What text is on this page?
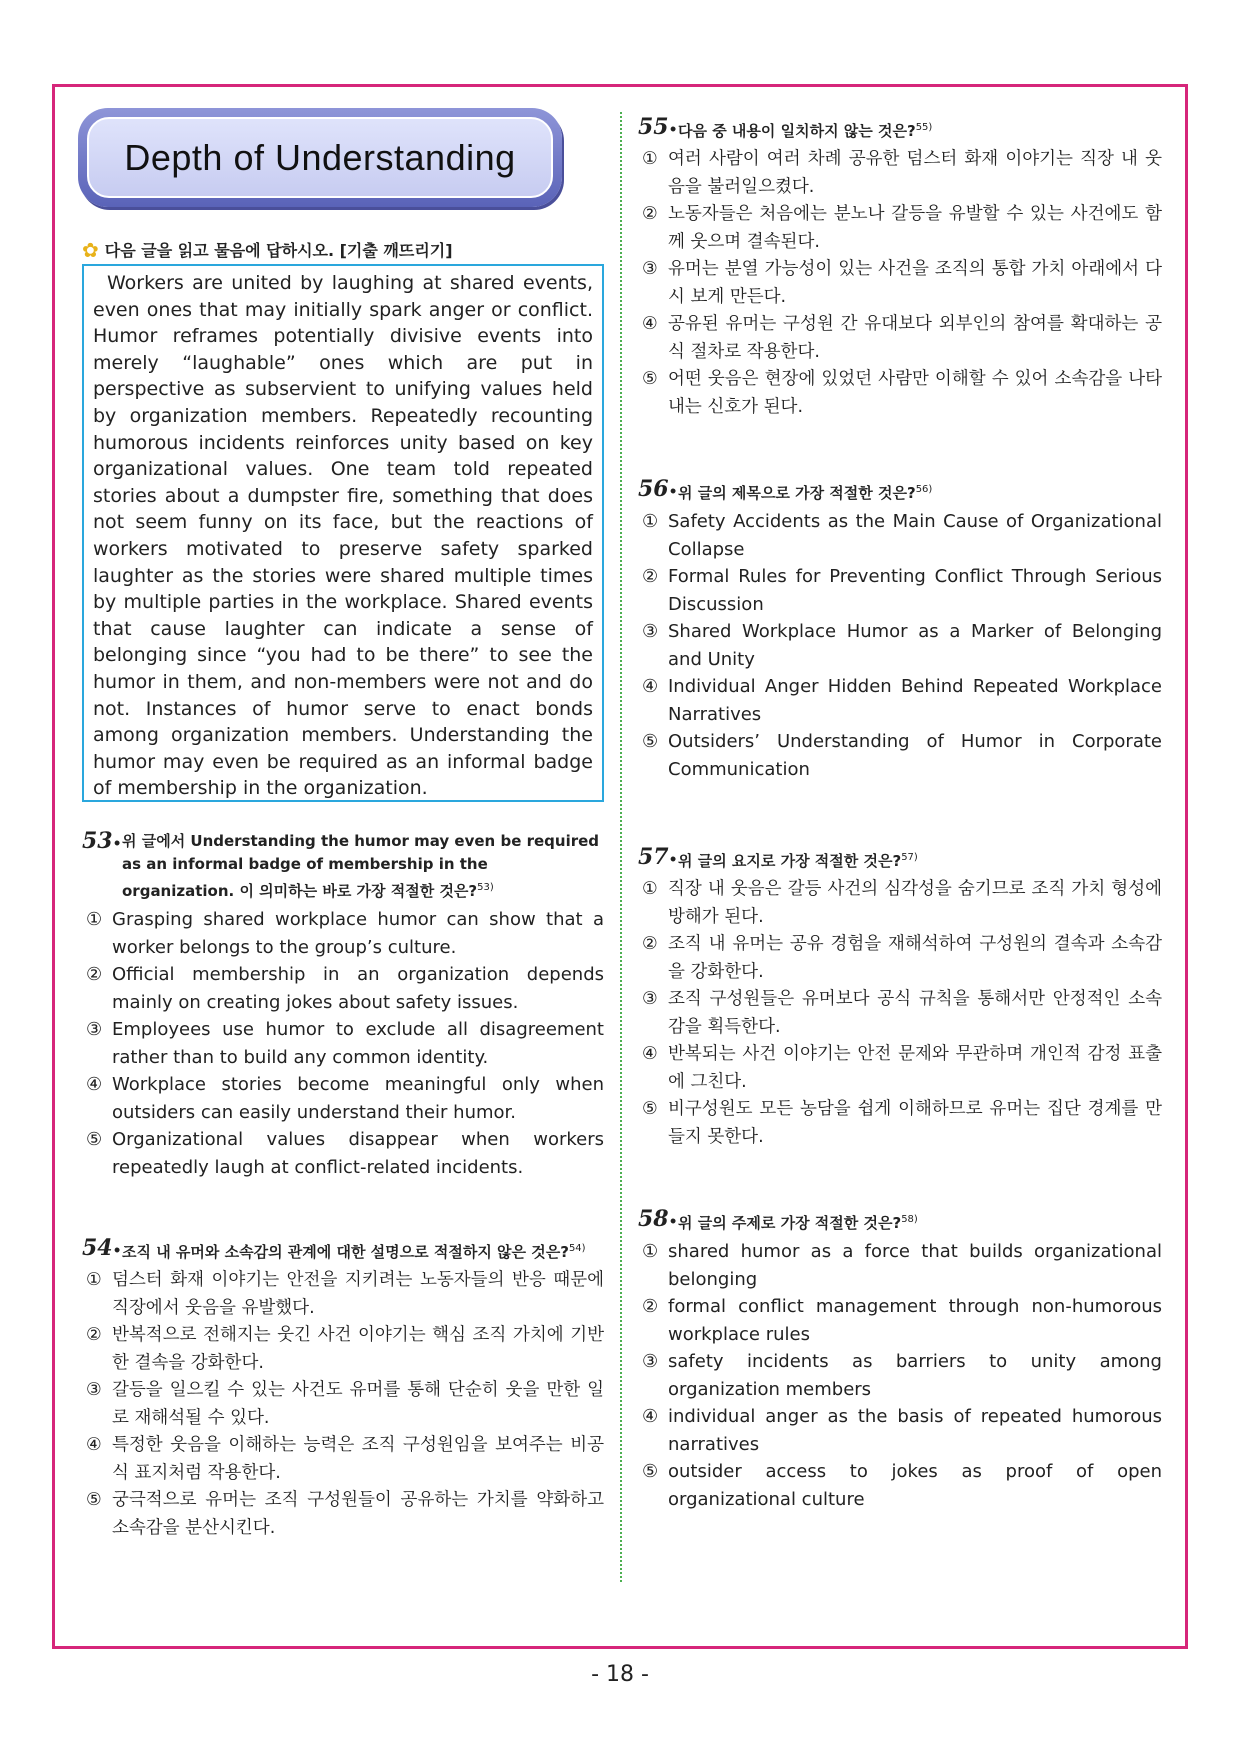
Depth of Understanding
✿ 다음 글을 읽고 물음에 답하시오. [기출 깨뜨리기]

Workers are united by laughing at shared events, even ones that may initially spark anger or conflict. Humor reframes potentially divisive events into merely “laughable” ones which are put in perspective as subservient to unifying values held by organization members. Repeatedly recounting humorous incidents reinforces unity based on key organizational values. One team told repeated stories about a dumpster fire, something that does not seem funny on its face, but the reactions of workers motivated to preserve safety sparked laughter as the stories were shared multiple times by multiple parties in the workplace. Shared events that cause laughter can indicate a sense of belonging since “you had to be there” to see the humor in them, and non-members were not and do not. Instances of humor serve to enact bonds among organization members. Understanding the humor may even be required as an informal badge of membership in the organization.

53• 위 글에서 Understanding the humor may even be required as an informal badge of membership in the organization. 이 의미하는 바로 가장 적절한 것은?$^{53)}$
① Grasping shared workplace humor can show that a worker belongs to the group’s culture.
② Official membership in an organization depends mainly on creating jokes about safety issues.
③ Employees use humor to exclude all disagreement rather than to build any common identity.
④ Workplace stories become meaningful only when outsiders can easily understand their humor.
⑤ Organizational values disappear when workers repeatedly laugh at conflict-related incidents.
54• 조직 내 유머와 소속감의 관계에 대한 설명으로 적절하지 않은 것은?$^{54)}$
① 덤스터 화재 이야기는 안전을 지키려는 노동자들의 반응 때문에 직장에서 웃음을 유발했다.
② 반복적으로 전해지는 웃긴 사건 이야기는 핵심 조직 가치에 기반한 결속을 강화한다.
③ 갈등을 일으킬 수 있는 사건도 유머를 통해 단순히 웃을 만한 일로 재해석될 수 있다.
④ 특정한 웃음을 이해하는 능력은 조직 구성원임을 보여주는 비공식 표지처럼 작용한다.
⑤ 궁극적으로 유머는 조직 구성원들이 공유하는 가치를 약화하고 소속감을 분산시킨다.
55• 다음 중 내용이 일치하지 않는 것은?$^{55)}$
① 여러 사람이 여러 차례 공유한 덤스터 화재 이야기는 직장 내 웃음을 불러일으켰다.
② 노동자들은 처음에는 분노나 갈등을 유발할 수 있는 사건에도 함께 웃으며 결속된다.
③ 유머는 분열 가능성이 있는 사건을 조직의 통합 가치 아래에서 다시 보게 만든다.
④ 공유된 유머는 구성원 간 유대보다 외부인의 참여를 확대하는 공식 절차로 작용한다.
⑤ 어떤 웃음은 현장에 있었던 사람만 이해할 수 있어 소속감을 나타내는 신호가 된다.
56• 위 글의 제목으로 가장 적절한 것은?$^{56)}$
① Safety Accidents as the Main Cause of Organizational Collapse
② Formal Rules for Preventing Conflict Through Serious Discussion
③ Shared Workplace Humor as a Marker of Belonging and Unity
④ Individual Anger Hidden Behind Repeated Workplace Narratives
⑤ Outsiders’ Understanding of Humor in Corporate Communication
57• 위 글의 요지로 가장 적절한 것은?$^{57)}$
① 직장 내 웃음은 갈등 사건의 심각성을 숨기므로 조직 가치 형성에 방해가 된다.
② 조직 내 유머는 공유 경험을 재해석하여 구성원의 결속과 소속감을 강화한다.
③ 조직 구성원들은 유머보다 공식 규칙을 통해서만 안정적인 소속감을 획득한다.
④ 반복되는 사건 이야기는 안전 문제와 무관하며 개인적 감정 표출에 그친다.
⑤ 비구성원도 모든 농담을 쉽게 이해하므로 유머는 집단 경계를 만들지 못한다.
58• 위 글의 주제로 가장 적절한 것은?$^{58)}$
① shared humor as a force that builds organizational belonging
② formal conflict management through non-humorous workplace rules
③ safety incidents as barriers to unity among organization members
④ individual anger as the basis of repeated humorous narratives
⑤ outsider access to jokes as proof of open organizational culture
- 18 -
